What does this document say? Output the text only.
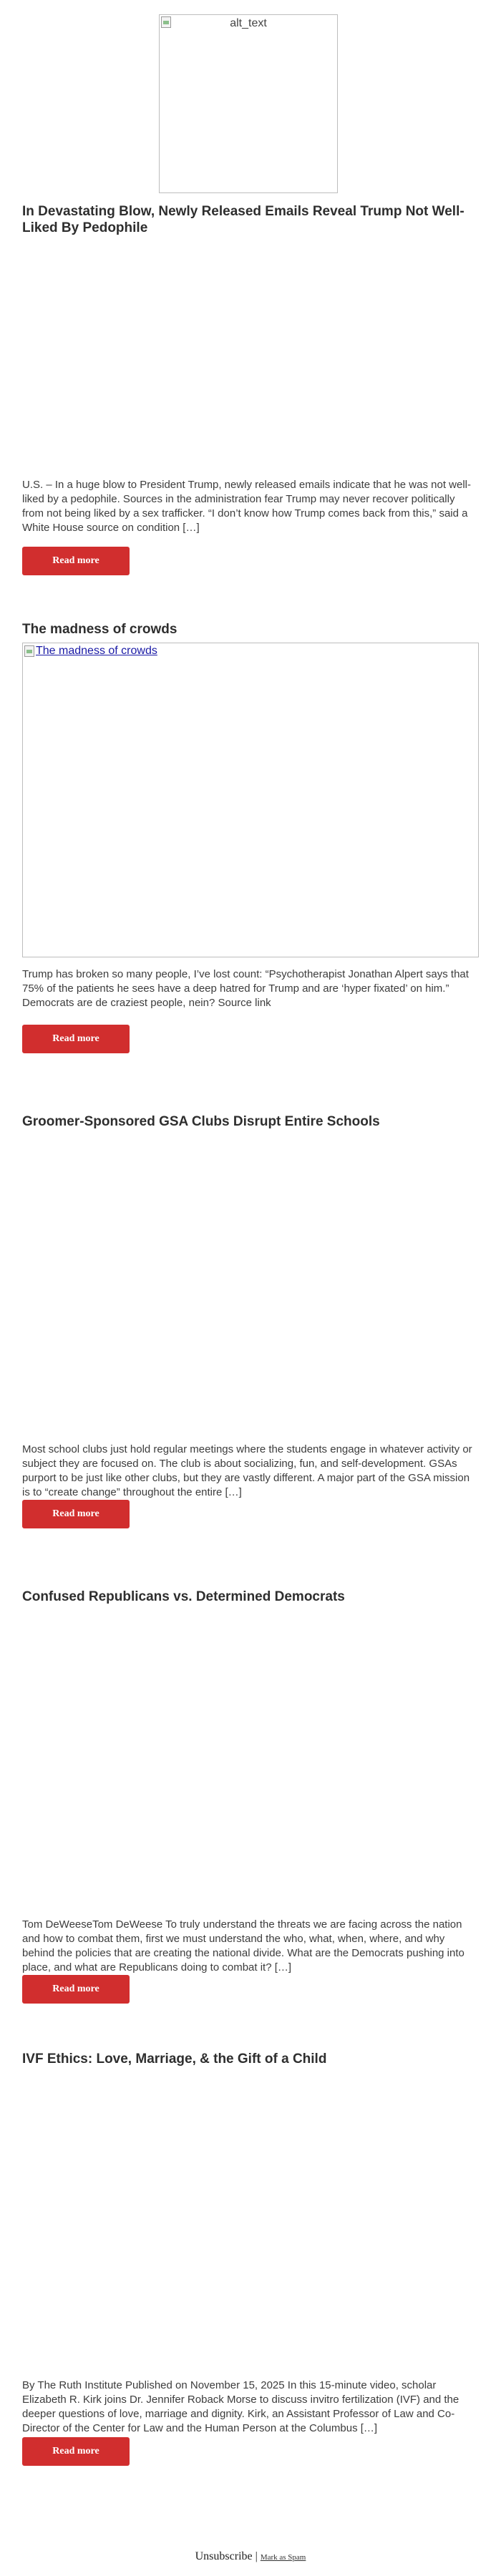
alt_text
In Devastating Blow, Newly Released Emails Reveal Trump Not Well-Liked By Pedophile

U.S. – In a huge blow to President Trump, newly released emails indicate that he was not well-liked by a pedophile. Sources in the administration fear Trump may never recover politically from not being liked by a sex trafficker. “I don’t know how Trump comes back from this,” said a White House source on condition […]

Read more
The madness of crowds
The madness of crowds

Trump has broken so many people, I’ve lost count: “Psychotherapist Jonathan Alpert says that 75% of the patients he sees have a deep hatred for Trump and are ‘hyper fixated’ on him.” Democrats are de craziest people, nein? Source link

Read more
Groomer-Sponsored GSA Clubs Disrupt Entire Schools

Most school clubs just hold regular meetings where the students engage in whatever activity or subject they are focused on. The club is about socializing, fun, and self-development. GSAs purport to be just like other clubs, but they are vastly different. A major part of the GSA mission is to “create change” throughout the entire […]

Read more
Confused Republicans vs. Determined Democrats

Tom DeWeeseTom DeWeese To truly understand the threats we are facing across the nation and how to combat them, first we must understand the who, what, when, where, and why behind the policies that are creating the national divide. What are the Democrats pushing into place, and what are Republicans doing to combat it? […]

Read more
IVF Ethics: Love, Marriage, & the Gift of a Child

By The Ruth Institute Published on November 15, 2025 In this 15-minute video, scholar Elizabeth R. Kirk joins Dr. Jennifer Roback Morse to discuss invitro fertilization (IVF) and the deeper questions of love, marriage and dignity. Kirk, an Assistant Professor of Law and Co-Director of the Center for Law and the Human Person at the Columbus […]

Read more
Unsubscribe | Mark as Spam
